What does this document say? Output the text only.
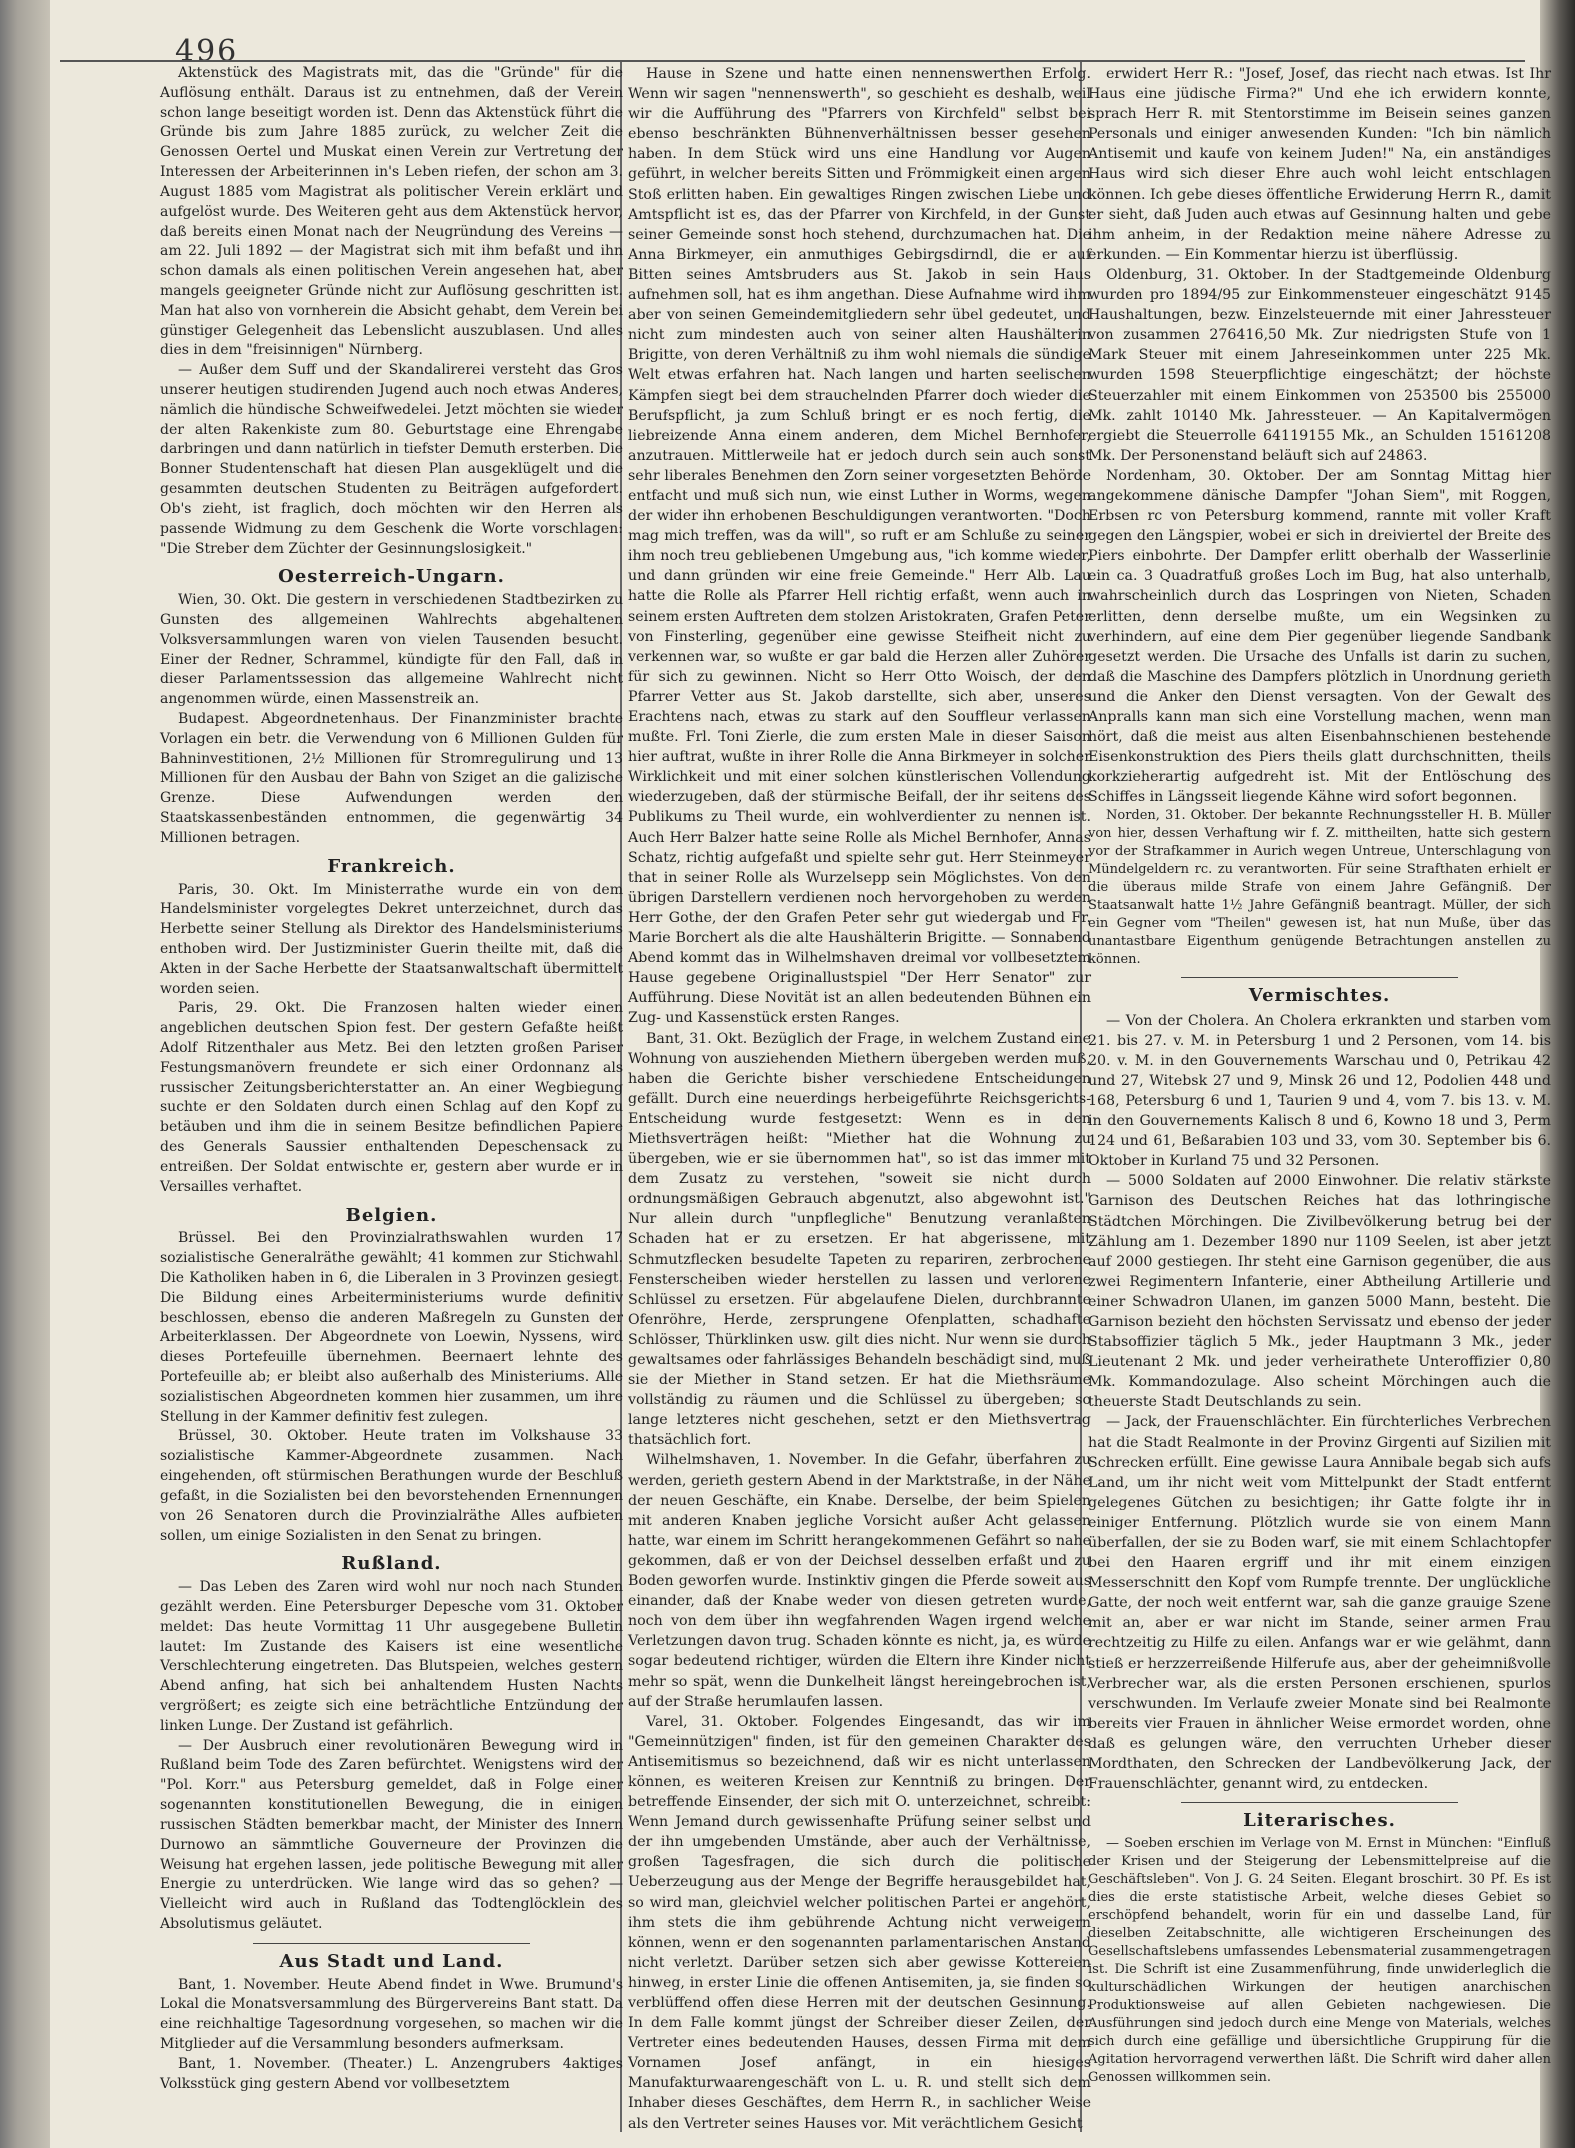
496

Aktenstück des Magistrats mit, das die "Gründe" für die Auflösung enthält. Daraus ist zu entnehmen, daß der Verein schon lange beseitigt worden ist. Denn das Aktenstück führt die Gründe bis zum Jahre 1885 zurück, zu welcher Zeit die Genossen Oertel und Muskat einen Verein zur Vertretung der Interessen der Arbeiterinnen in's Leben riefen, der schon am 3. August 1885 vom Magistrat als politischer Verein erklärt und aufgelöst wurde. Des Weiteren geht aus dem Aktenstück hervor, daß bereits einen Monat nach der Neugründung des Vereins — am 22. Juli 1892 — der Magistrat sich mit ihm befaßt und ihn schon damals als einen politischen Verein angesehen hat, aber mangels geeigneter Gründe nicht zur Auflösung geschritten ist. Man hat also von vornherein die Absicht gehabt, dem Verein bei günstiger Gelegenheit das Lebenslicht auszublasen. Und alles dies in dem "freisinnigen" Nürnberg.

— Außer dem Suff und der Skandalirerei versteht das Gros unserer heutigen studirenden Jugend auch noch etwas Anderes, nämlich die hündische Schweifwedelei. Jetzt möchten sie wieder der alten Rakenkiste zum 80. Geburtstage eine Ehrengabe darbringen und dann natürlich in tiefster Demuth ersterben. Die Bonner Studentenschaft hat diesen Plan ausgeklügelt und die gesammten deutschen Studenten zu Beiträgen aufgefordert. Ob's zieht, ist fraglich, doch möchten wir den Herren als passende Widmung zu dem Geschenk die Worte vorschlagen: "Die Streber dem Züchter der Gesinnungslosigkeit."

Oesterreich-Ungarn.

Wien, 30. Okt. Die gestern in verschiedenen Stadtbezirken zu Gunsten des allgemeinen Wahlrechts abgehaltenen Volksversammlungen waren von vielen Tausenden besucht. Einer der Redner, Schrammel, kündigte für den Fall, daß in dieser Parlamentssession das allgemeine Wahlrecht nicht angenommen würde, einen Massenstreik an.

Budapest. Abgeordnetenhaus. Der Finanzminister brachte Vorlagen ein betr. die Verwendung von 6 Millionen Gulden für Bahninvestitionen, 2½ Millionen für Stromregulirung und 13 Millionen für den Ausbau der Bahn von Sziget an die galizische Grenze. Diese Aufwendungen werden den Staatskassenbeständen entnommen, die gegenwärtig 34 Millionen betragen.

Frankreich.

Paris, 30. Okt. Im Ministerrathe wurde ein von dem Handelsminister vorgelegtes Dekret unterzeichnet, durch das Herbette seiner Stellung als Direktor des Handelsministeriums enthoben wird. Der Justizminister Guerin theilte mit, daß die Akten in der Sache Herbette der Staatsanwaltschaft übermittelt worden seien.

Paris, 29. Okt. Die Franzosen halten wieder einen angeblichen deutschen Spion fest. Der gestern Gefaßte heißt Adolf Ritzenthaler aus Metz. Bei den letzten großen Pariser Festungsmanövern freundete er sich einer Ordonnanz als russischer Zeitungsberichterstatter an. An einer Wegbiegung suchte er den Soldaten durch einen Schlag auf den Kopf zu betäuben und ihm die in seinem Besitze befindlichen Papiere des Generals Saussier enthaltenden Depeschensack zu entreißen. Der Soldat entwischte er, gestern aber wurde er in Versailles verhaftet.

Belgien.

Brüssel. Bei den Provinzialrathswahlen wurden 17 sozialistische Generalräthe gewählt; 41 kommen zur Stichwahl. Die Katholiken haben in 6, die Liberalen in 3 Provinzen gesiegt. Die Bildung eines Arbeiterministeriums wurde definitiv beschlossen, ebenso die anderen Maßregeln zu Gunsten der Arbeiterklassen. Der Abgeordnete von Loewin, Nyssens, wird dieses Portefeuille übernehmen. Beernaert lehnte des Portefeuille ab; er bleibt also außerhalb des Ministeriums. Alle sozialistischen Abgeordneten kommen hier zusammen, um ihre Stellung in der Kammer definitiv fest zulegen.

Brüssel, 30. Oktober. Heute traten im Volkshause 33 sozialistische Kammer-Abgeordnete zusammen. Nach eingehenden, oft stürmischen Berathungen wurde der Beschluß gefaßt, in die Sozialisten bei den bevorstehenden Ernennungen von 26 Senatoren durch die Provinzialräthe Alles aufbieten sollen, um einige Sozialisten in den Senat zu bringen.

Rußland.

— Das Leben des Zaren wird wohl nur noch nach Stunden gezählt werden. Eine Petersburger Depesche vom 31. Oktober meldet: Das heute Vormittag 11 Uhr ausgegebene Bulletin lautet: Im Zustande des Kaisers ist eine wesentliche Verschlechterung eingetreten. Das Blutspeien, welches gestern Abend anfing, hat sich bei anhaltendem Husten Nachts vergrößert; es zeigte sich eine beträchtliche Entzündung der linken Lunge. Der Zustand ist gefährlich.

— Der Ausbruch einer revolutionären Bewegung wird in Rußland beim Tode des Zaren befürchtet. Wenigstens wird der "Pol. Korr." aus Petersburg gemeldet, daß in Folge einer sogenannten konstitutionellen Bewegung, die in einigen russischen Städten bemerkbar macht, der Minister des Innern Durnowo an sämmtliche Gouverneure der Provinzen die Weisung hat ergehen lassen, jede politische Bewegung mit aller Energie zu unterdrücken. Wie lange wird das so gehen? — Vielleicht wird auch in Rußland das Todtenglöcklein des Absolutismus geläutet.

Aus Stadt und Land.

Bant, 1. November. Heute Abend findet in Wwe. Brumund's Lokal die Monatsversammlung des Bürgervereins Bant statt. Da eine reichhaltige Tagesordnung vorgesehen, so machen wir die Mitglieder auf die Versammlung besonders aufmerksam.

Bant, 1. November. (Theater.) L. Anzengrubers 4aktiges Volksstück ging gestern Abend vor vollbesetztem

Hause in Szene und hatte einen nennenswerthen Erfolg. Wenn wir sagen "nennenswerth", so geschieht es deshalb, weil wir die Aufführung des "Pfarrers von Kirchfeld" selbst bei ebenso beschränkten Bühnenverhältnissen besser gesehen haben. In dem Stück wird uns eine Handlung vor Augen geführt, in welcher bereits Sitten und Frömmigkeit einen argen Stoß erlitten haben. Ein gewaltiges Ringen zwischen Liebe und Amtspflicht ist es, das der Pfarrer von Kirchfeld, in der Gunst seiner Gemeinde sonst hoch stehend, durchzumachen hat. Die Anna Birkmeyer, ein anmuthiges Gebirgsdirndl, die er auf Bitten seines Amtsbruders aus St. Jakob in sein Haus aufnehmen soll, hat es ihm angethan. Diese Aufnahme wird ihm aber von seinen Gemeindemitgliedern sehr übel gedeutet, und nicht zum mindesten auch von seiner alten Haushälterin Brigitte, von deren Verhältniß zu ihm wohl niemals die sündige Welt etwas erfahren hat. Nach langen und harten seelischen Kämpfen siegt bei dem strauchelnden Pfarrer doch wieder die Berufspflicht, ja zum Schluß bringt er es noch fertig, die liebreizende Anna einem anderen, dem Michel Bernhofer, anzutrauen. Mittlerweile hat er jedoch durch sein auch sonst sehr liberales Benehmen den Zorn seiner vorgesetzten Behörde entfacht und muß sich nun, wie einst Luther in Worms, wegen der wider ihn erhobenen Beschuldigungen verantworten. "Doch mag mich treffen, was da will", so ruft er am Schluße zu seiner ihm noch treu gebliebenen Umgebung aus, "ich komme wieder, und dann gründen wir eine freie Gemeinde." Herr Alb. Lau hatte die Rolle als Pfarrer Hell richtig erfaßt, wenn auch in seinem ersten Auftreten dem stolzen Aristokraten, Grafen Peter von Finsterling, gegenüber eine gewisse Steifheit nicht zu verkennen war, so wußte er gar bald die Herzen aller Zuhörer für sich zu gewinnen. Nicht so Herr Otto Woisch, der den Pfarrer Vetter aus St. Jakob darstellte, sich aber, unseres Erachtens nach, etwas zu stark auf den Souffleur verlassen mußte. Frl. Toni Zierle, die zum ersten Male in dieser Saison hier auftrat, wußte in ihrer Rolle die Anna Birkmeyer in solcher Wirklichkeit und mit einer solchen künstlerischen Vollendung wiederzugeben, daß der stürmische Beifall, der ihr seitens des Publikums zu Theil wurde, ein wohlverdienter zu nennen ist. Auch Herr Balzer hatte seine Rolle als Michel Bernhofer, Annas Schatz, richtig aufgefaßt und spielte sehr gut. Herr Steinmeyer that in seiner Rolle als Wurzelsepp sein Möglichstes. Von den übrigen Darstellern verdienen noch hervorgehoben zu werden Herr Gothe, der den Grafen Peter sehr gut wiedergab und Fr. Marie Borchert als die alte Haushälterin Brigitte. — Sonnabend Abend kommt das in Wilhelmshaven dreimal vor vollbesetztem Hause gegebene Originallustspiel "Der Herr Senator" zur Aufführung. Diese Novität ist an allen bedeutenden Bühnen ein Zug- und Kassenstück ersten Ranges.

Bant, 31. Okt. Bezüglich der Frage, in welchem Zustand eine Wohnung von ausziehenden Miethern übergeben werden muß, haben die Gerichte bisher verschiedene Entscheidungen gefällt. Durch eine neuerdings herbeigeführte Reichsgerichts-Entscheidung wurde festgesetzt: Wenn es in den Miethsverträgen heißt: "Miether hat die Wohnung zu übergeben, wie er sie übernommen hat", so ist das immer mit dem Zusatz zu verstehen, "soweit sie nicht durch ordnungsmäßigen Gebrauch abgenutzt, also abgewohnt ist." Nur allein durch "unpflegliche" Benutzung veranlaßten Schaden hat er zu ersetzen. Er hat abgerissene, mit Schmutzflecken besudelte Tapeten zu repariren, zerbrochene Fensterscheiben wieder herstellen zu lassen und verlorene Schlüssel zu ersetzen. Für abgelaufene Dielen, durchbrannte Ofenröhre, Herde, zersprungene Ofenplatten, schadhafte Schlösser, Thürklinken usw. gilt dies nicht. Nur wenn sie durch gewaltsames oder fahrlässiges Behandeln beschädigt sind, muß sie der Miether in Stand setzen. Er hat die Miethsräume vollständig zu räumen und die Schlüssel zu übergeben; so lange letzteres nicht geschehen, setzt er den Miethsvertrag thatsächlich fort.

Wilhelmshaven, 1. November. In die Gefahr, überfahren zu werden, gerieth gestern Abend in der Marktstraße, in der Nähe der neuen Geschäfte, ein Knabe. Derselbe, der beim Spielen mit anderen Knaben jegliche Vorsicht außer Acht gelassen hatte, war einem im Schritt herangekommenen Gefährt so nahe gekommen, daß er von der Deichsel desselben erfaßt und zu Boden geworfen wurde. Instinktiv gingen die Pferde soweit aus einander, daß der Knabe weder von diesen getreten wurde, noch von dem über ihn wegfahrenden Wagen irgend welche Verletzungen davon trug. Schaden könnte es nicht, ja, es würde sogar bedeutend richtiger, würden die Eltern ihre Kinder nicht mehr so spät, wenn die Dunkelheit längst hereingebrochen ist, auf der Straße herumlaufen lassen.

Varel, 31. Oktober. Folgendes Eingesandt, das wir im "Gemeinnützigen" finden, ist für den gemeinen Charakter des Antisemitismus so bezeichnend, daß wir es nicht unterlassen können, es weiteren Kreisen zur Kenntniß zu bringen. Der betreffende Einsender, der sich mit O. unterzeichnet, schreibt: Wenn Jemand durch gewissenhafte Prüfung seiner selbst und der ihn umgebenden Umstände, aber auch der Verhältnisse, großen Tagesfragen, die sich durch die politische Ueberzeugung aus der Menge der Begriffe herausgebildet hat, so wird man, gleichviel welcher politischen Partei er angehört, ihm stets die ihm gebührende Achtung nicht verweigern können, wenn er den sogenannten parlamentarischen Anstand nicht verletzt. Darüber setzen sich aber gewisse Kottereien hinweg, in erster Linie die offenen Antisemiten, ja, sie finden so verblüffend offen diese Herren mit der deutschen Gesinnung. In dem Falle kommt jüngst der Schreiber dieser Zeilen, der Vertreter eines bedeutenden Hauses, dessen Firma mit dem Vornamen Josef anfängt, in ein hiesiges Manufakturwaarengeschäft von L. u. R. und stellt sich dem Inhaber dieses Geschäftes, dem Herrn R., in sachlicher Weise als den Vertreter seines Hauses vor. Mit verächtlichem Gesicht

erwidert Herr R.: "Josef, Josef, das riecht nach etwas. Ist Ihr Haus eine jüdische Firma?" Und ehe ich erwidern konnte, sprach Herr R. mit Stentorstimme im Beisein seines ganzen Personals und einiger anwesenden Kunden: "Ich bin nämlich Antisemit und kaufe von keinem Juden!" Na, ein anständiges Haus wird sich dieser Ehre auch wohl leicht entschlagen können. Ich gebe dieses öffentliche Erwiderung Herrn R., damit er sieht, daß Juden auch etwas auf Gesinnung halten und gebe ihm anheim, in der Redaktion meine nähere Adresse zu erkunden. — Ein Kommentar hierzu ist überflüssig.

Oldenburg, 31. Oktober. In der Stadtgemeinde Oldenburg wurden pro 1894/95 zur Einkommensteuer eingeschätzt 9145 Haushaltungen, bezw. Einzelsteuernde mit einer Jahressteuer von zusammen 276416,50 Mk. Zur niedrigsten Stufe von 1 Mark Steuer mit einem Jahreseinkommen unter 225 Mk. wurden 1598 Steuerpflichtige eingeschätzt; der höchste Steuerzahler mit einem Einkommen von 253500 bis 255000 Mk. zahlt 10140 Mk. Jahressteuer. — An Kapitalvermögen ergiebt die Steuerrolle 64119155 Mk., an Schulden 15161208 Mk. Der Personenstand beläuft sich auf 24863.

Nordenham, 30. Oktober. Der am Sonntag Mittag hier angekommene dänische Dampfer "Johan Siem", mit Roggen, Erbsen rc von Petersburg kommend, rannte mit voller Kraft gegen den Längspier, wobei er sich in dreiviertel der Breite des Piers einbohrte. Der Dampfer erlitt oberhalb der Wasserlinie ein ca. 3 Quadratfuß großes Loch im Bug, hat also unterhalb, wahrscheinlich durch das Lospringen von Nieten, Schaden erlitten, denn derselbe mußte, um ein Wegsinken zu verhindern, auf eine dem Pier gegenüber liegende Sandbank gesetzt werden. Die Ursache des Unfalls ist darin zu suchen, daß die Maschine des Dampfers plötzlich in Unordnung gerieth und die Anker den Dienst versagten. Von der Gewalt des Anpralls kann man sich eine Vorstellung machen, wenn man hört, daß die meist aus alten Eisenbahnschienen bestehende Eisenkonstruktion des Piers theils glatt durchschnitten, theils korkzieherartig aufgedreht ist. Mit der Entlöschung des Schiffes in Längsseit liegende Kähne wird sofort begonnen.

Norden, 31. Oktober. Der bekannte Rechnungssteller H. B. Müller von hier, dessen Verhaftung wir f. Z. mittheilten, hatte sich gestern vor der Strafkammer in Aurich wegen Untreue, Unterschlagung von Mündelgeldern rc. zu verantworten. Für seine Strafthaten erhielt er die überaus milde Strafe von einem Jahre Gefängniß. Der Staatsanwalt hatte 1½ Jahre Gefängniß beantragt. Müller, der sich ein Gegner vom "Theilen" gewesen ist, hat nun Muße, über das unantastbare Eigenthum genügende Betrachtungen anstellen zu können.

Vermischtes.

— Von der Cholera. An Cholera erkrankten und starben vom 21. bis 27. v. M. in Petersburg 1 und 2 Personen, vom 14. bis 20. v. M. in den Gouvernements Warschau und 0, Petrikau 42 und 27, Witebsk 27 und 9, Minsk 26 und 12, Podolien 448 und 168, Petersburg 6 und 1, Taurien 9 und 4, vom 7. bis 13. v. M. in den Gouvernements Kalisch 8 und 6, Kowno 18 und 3, Perm 124 und 61, Beßarabien 103 und 33, vom 30. September bis 6. Oktober in Kurland 75 und 32 Personen.

— 5000 Soldaten auf 2000 Einwohner. Die relativ stärkste Garnison des Deutschen Reiches hat das lothringische Städtchen Mörchingen. Die Zivilbevölkerung betrug bei der Zählung am 1. Dezember 1890 nur 1109 Seelen, ist aber jetzt auf 2000 gestiegen. Ihr steht eine Garnison gegenüber, die aus zwei Regimentern Infanterie, einer Abtheilung Artillerie und einer Schwadron Ulanen, im ganzen 5000 Mann, besteht. Die Garnison bezieht den höchsten Servissatz und ebenso der jeder Stabsoffizier täglich 5 Mk., jeder Hauptmann 3 Mk., jeder Lieutenant 2 Mk. und jeder verheirathete Unteroffizier 0,80 Mk. Kommandozulage. Also scheint Mörchingen auch die theuerste Stadt Deutschlands zu sein.

— Jack, der Frauenschlächter. Ein fürchterliches Verbrechen hat die Stadt Realmonte in der Provinz Girgenti auf Sizilien mit Schrecken erfüllt. Eine gewisse Laura Annibale begab sich aufs Land, um ihr nicht weit vom Mittelpunkt der Stadt entfernt gelegenes Gütchen zu besichtigen; ihr Gatte folgte ihr in einiger Entfernung. Plötzlich wurde sie von einem Mann überfallen, der sie zu Boden warf, sie mit einem Schlachtopfer bei den Haaren ergriff und ihr mit einem einzigen Messerschnitt den Kopf vom Rumpfe trennte. Der unglückliche Gatte, der noch weit entfernt war, sah die ganze grauige Szene mit an, aber er war nicht im Stande, seiner armen Frau rechtzeitig zu Hilfe zu eilen. Anfangs war er wie gelähmt, dann stieß er herzzerreißende Hilferufe aus, aber der geheimnißvolle Verbrecher war, als die ersten Personen erschienen, spurlos verschwunden. Im Verlaufe zweier Monate sind bei Realmonte bereits vier Frauen in ähnlicher Weise ermordet worden, ohne daß es gelungen wäre, den verruchten Urheber dieser Mordthaten, den Schrecken der Landbevölkerung Jack, der Frauenschlächter, genannt wird, zu entdecken.

Literarisches.

— Soeben erschien im Verlage von M. Ernst in München: "Einfluß der Krisen und der Steigerung der Lebensmittelpreise auf die Geschäftsleben". Von J. G. 24 Seiten. Elegant broschirt. 30 Pf. Es ist dies die erste statistische Arbeit, welche dieses Gebiet so erschöpfend behandelt, worin für ein und dasselbe Land, für dieselben Zeitabschnitte, alle wichtigeren Erscheinungen des Gesellschaftslebens umfassendes Lebensmaterial zusammengetragen ist. Die Schrift ist eine Zusammenführung, finde unwiderleglich die kulturschädlichen Wirkungen der heutigen anarchischen Produktionsweise auf allen Gebieten nachgewiesen. Die Ausführungen sind jedoch durch eine Menge von Materials, welches sich durch eine gefällige und übersichtliche Gruppirung für die Agitation hervorragend verwerthen läßt. Die Schrift wird daher allen Genossen willkommen sein.
